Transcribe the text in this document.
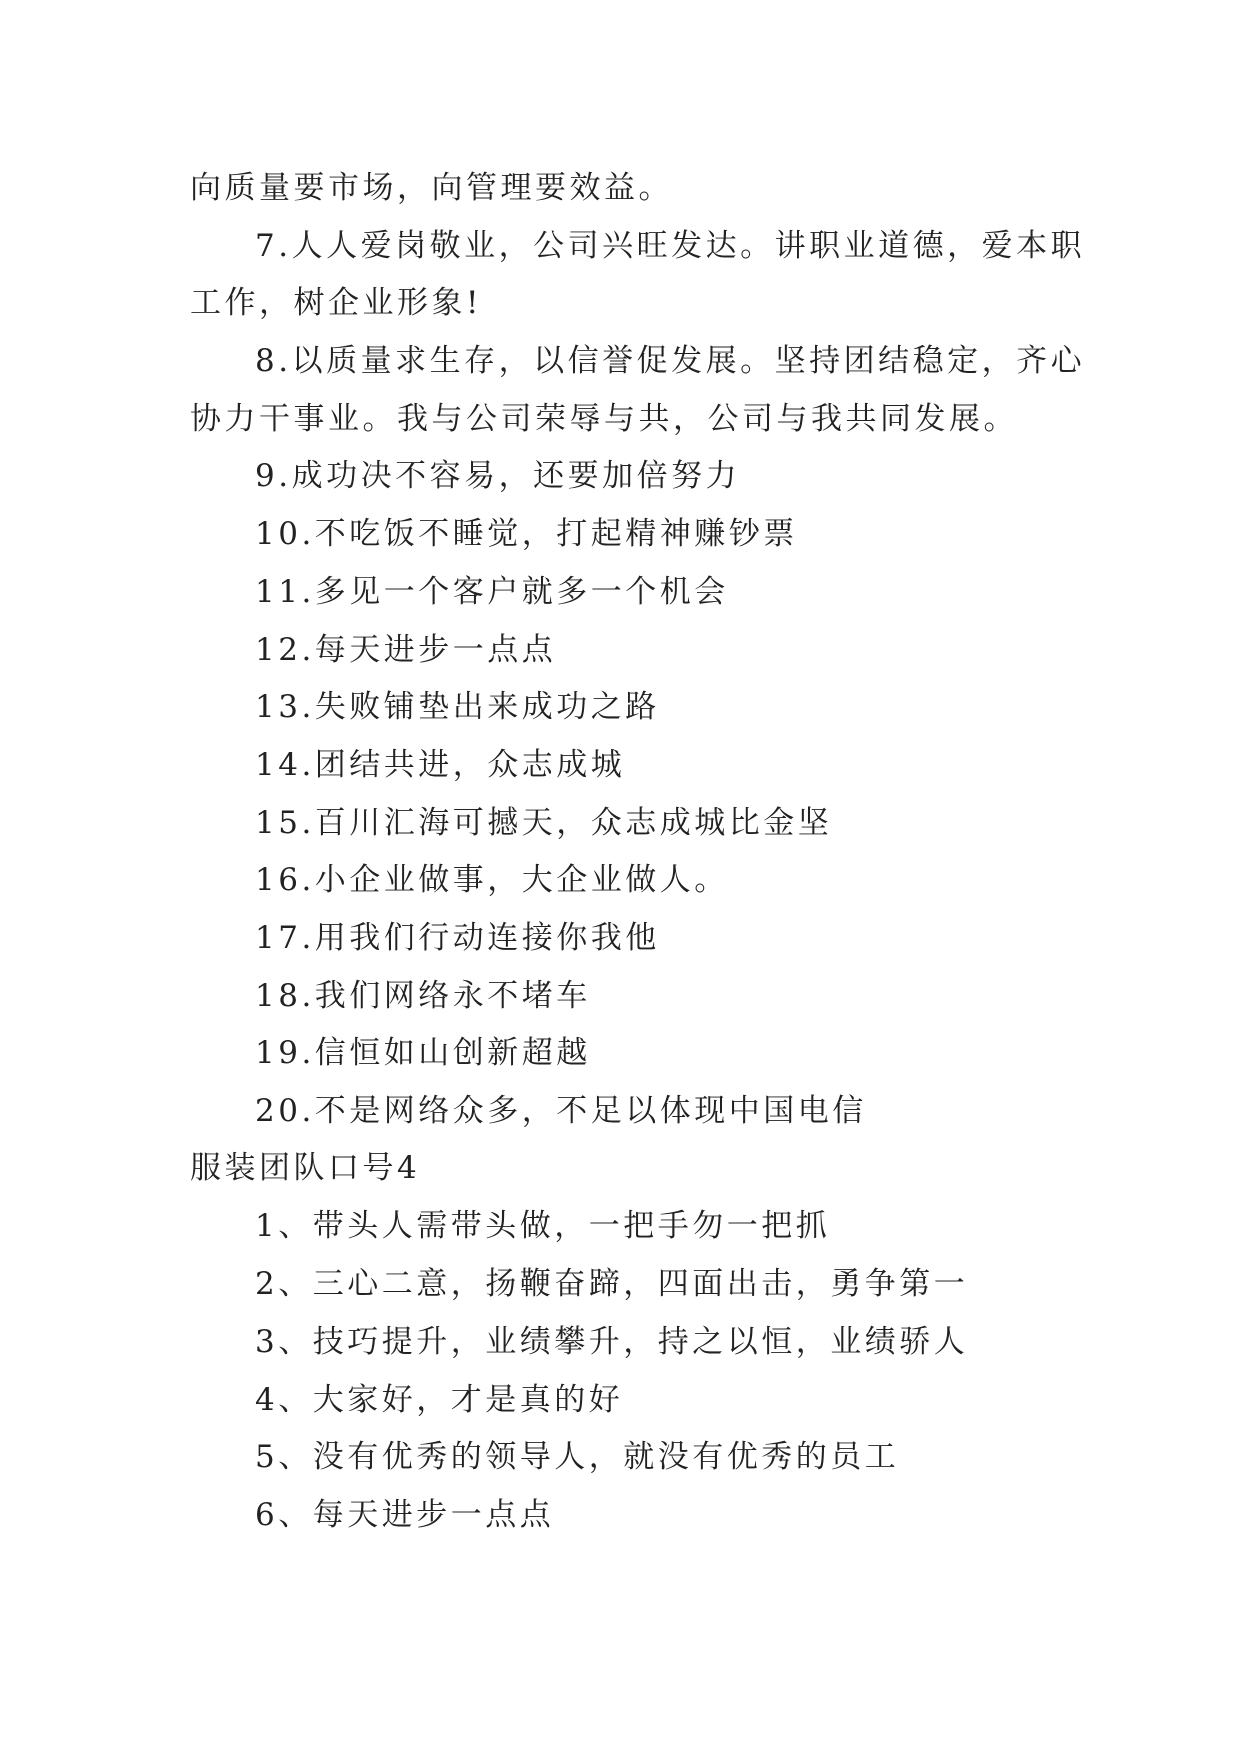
向质量要市场，向管理要效益。
7.人人爱岗敬业，公司兴旺发达。讲职业道德，爱本职
工作，树企业形象!
8.以质量求生存，以信誉促发展。坚持团结稳定，齐心
协力干事业。我与公司荣辱与共，公司与我共同发展。
9.成功决不容易，还要加倍努力
10.不吃饭不睡觉，打起精神赚钞票
11.多见一个客户就多一个机会
12.每天进步一点点
13.失败铺垫出来成功之路
14.团结共进，众志成城
15.百川汇海可撼天，众志成城比金坚
16.小企业做事，大企业做人。
17.用我们行动连接你我他
18.我们网络永不堵车
19.信恒如山创新超越
20.不是网络众多，不足以体现中国电信
服装团队口号4
1、带头人需带头做，一把手勿一把抓
2、三心二意，扬鞭奋蹄，四面出击，勇争第一
3、技巧提升，业绩攀升，持之以恒，业绩骄人
4、大家好，才是真的好
5、没有优秀的领导人，就没有优秀的员工
6、每天进步一点点
